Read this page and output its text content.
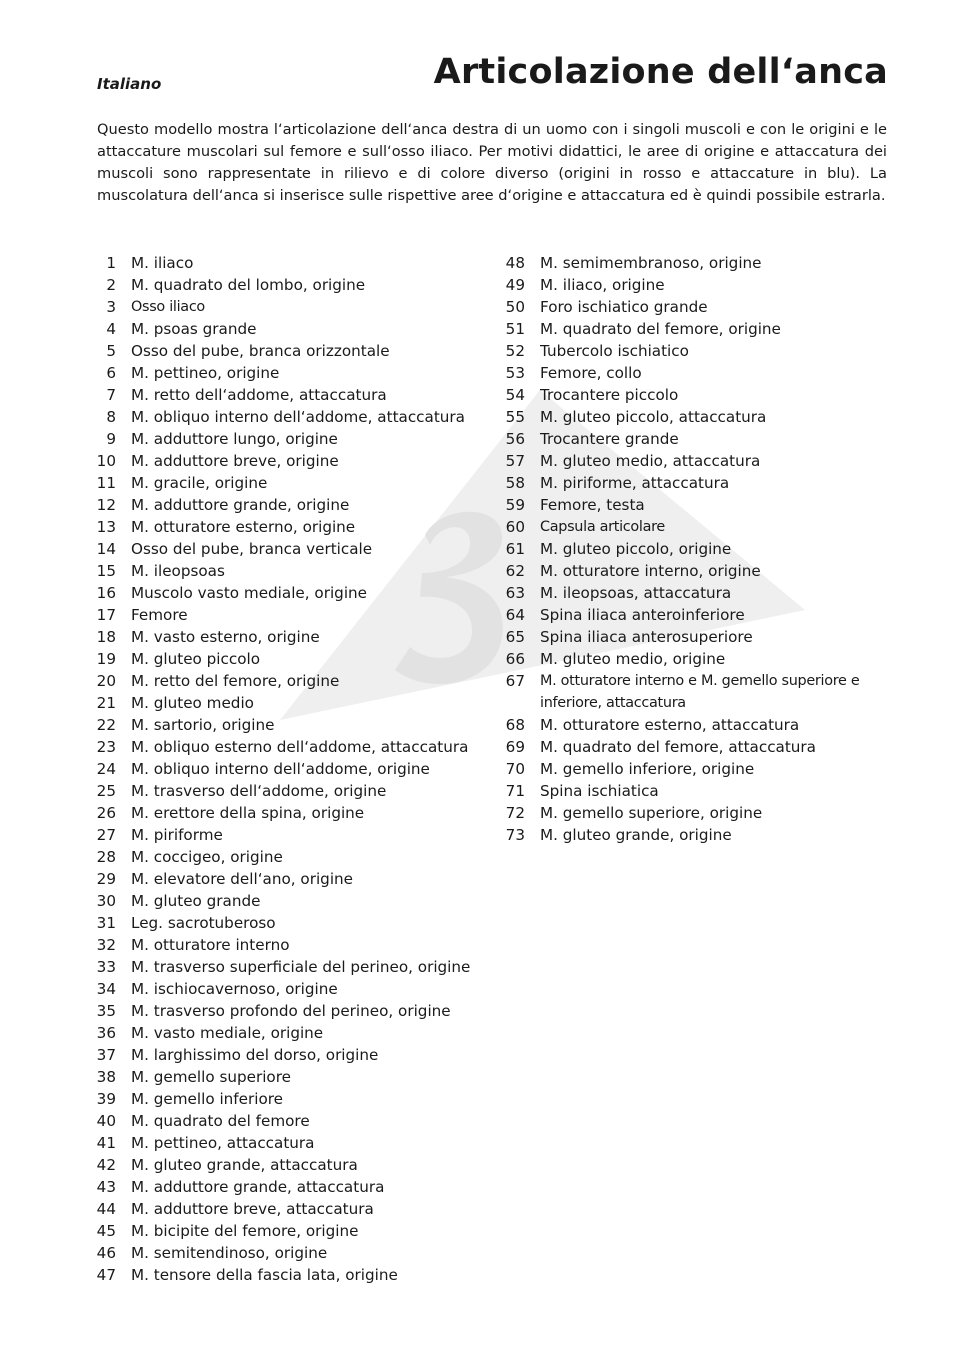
Italiano	Articolazione dell‘anca

Questo modello mostra l‘articolazione dell‘anca destra di un uomo con i singoli muscoli e con le origini e le attaccature muscolari sul femore e sull‘osso iliaco. Per motivi didattici, le aree di origine e attaccatura dei muscoli sono rappresentate in rilievo e di colore diverso (origini in rosso e attaccature in blu). La muscolatura dell‘anca si inserisce sulle rispettive aree d‘origine e attaccatura ed è quindi possibile estrarla.

1 M. iliaco
2 M. quadrato del lombo, origine
3	Osso iliaco
4 M. psoas grande
5 Osso del pube, branca orizzontale
6 M. pettineo, origine
7 M. retto dell‘addome, attaccatura
8 M. obliquo interno dell‘addome, attaccatura
9 M. adduttore lungo, origine
10 M. adduttore breve, origine
11 M. gracile, origine
12 M. adduttore grande, origine
13 M. otturatore esterno, origine
14 Osso del pube, branca verticale
15 M. ileopsoas
16 Muscolo vasto mediale, origine
17 Femore
18 M. vasto esterno, origine
19 M. gluteo piccolo
20 M. retto del femore, origine
21 M. gluteo medio
22 M. sartorio, origine
23 M. obliquo esterno dell‘addome, attaccatura
24 M. obliquo interno dell‘addome, origine
25 M. trasverso dell‘addome, origine
26 M. erettore della spina, origine
27 M. piriforme
28 M. coccigeo, origine
29 M. elevatore dell‘ano, origine
30 M. gluteo grande
31 Leg. sacrotuberoso
32 M. otturatore interno
33 M. trasverso superficiale del perineo, origine
34 M. ischiocavernoso, origine
35 M. trasverso profondo del perineo, origine
36 M. vasto mediale, origine
37 M. larghissimo del dorso, origine
38 M. gemello superiore
39 M. gemello inferiore
40 M. quadrato del femore
41 M. pettineo, attaccatura
42 M. gluteo grande, attaccatura
43 M. adduttore grande, attaccatura
44 M. adduttore breve, attaccatura
45 M. bicipite del femore, origine
46 M. semitendinoso, origine
47 M. tensore della fascia lata, origine
48 M. semimembranoso, origine
49 M. iliaco, origine
50 Foro ischiatico grande
51 M. quadrato del femore, origine
52 Tubercolo ischiatico
53 Femore, collo
54 Trocantere piccolo
55 M. gluteo piccolo, attaccatura
56 Trocantere grande
57 M. gluteo medio, attaccatura
58 M. piriforme, attaccatura
59 Femore, testa
60	Capsula articolare
61 M. gluteo piccolo, origine
62 M. otturatore interno, origine
63 M. ileopsoas, attaccatura
64 Spina iliaca anteroinferiore
65 Spina iliaca anterosuperiore
66 M. gluteo medio, origine
67	M. otturatore interno e M. gemello superiore e inferiore, attaccatura
68 M. otturatore esterno, attaccatura
69 M. quadrato del femore, attaccatura
70 M. gemello inferiore, origine
71 Spina ischiatica
72 M. gemello superiore, origine
73 M. gluteo grande, origine
